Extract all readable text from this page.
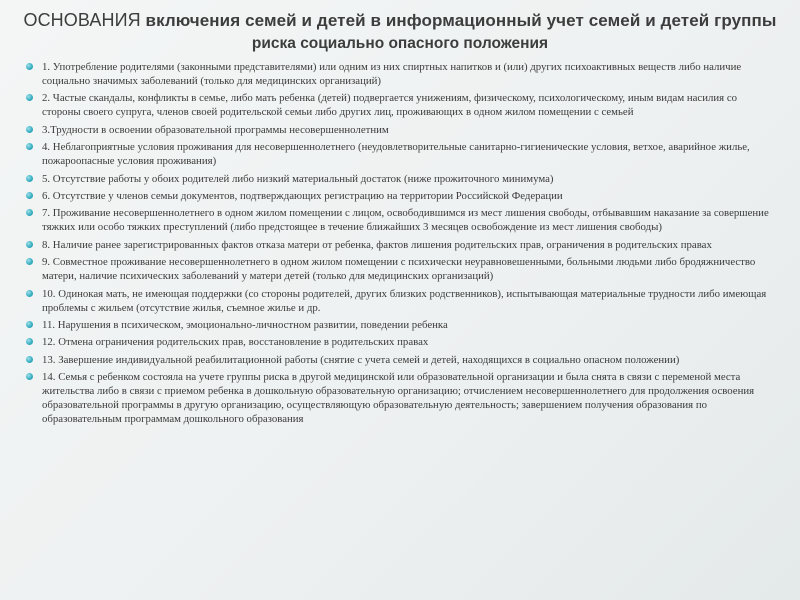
ОСНОВАНИЯ включения семей и детей в информационный учет семей и детей группы
риска социально опасного положения
1. Употребление родителями (законными представителями) или одним из них спиртных напитков и (или) других психоактивных веществ либо наличие социально значимых заболеваний (только для медицинских организаций)
2. Частые скандалы, конфликты в семье, либо мать ребенка (детей) подвергается унижениям, физическому, психологическому, иным видам насилия со стороны своего супруга, членов своей родительской семьи либо других лиц, проживающих в одном жилом помещении с семьей
3.Трудности в освоении образовательной программы несовершеннолетним
4. Неблагоприятные условия проживания для несовершеннолетнего (неудовлетворительные санитарно-гигиенические условия, ветхое, аварийное жилье, пожароопасные условия проживания)
5. Отсутствие работы у обоих родителей либо низкий материальный достаток (ниже прожиточного минимума)
6. Отсутствие у членов семьи документов, подтверждающих регистрацию на территории Российской Федерации
7. Проживание несовершеннолетнего в одном жилом помещении с лицом, освободившимся из мест лишения свободы, отбывавшим наказание за совершение тяжких или особо тяжких преступлений (либо предстоящее в течение ближайших 3 месяцев освобождение из мест лишения свободы)
8. Наличие ранее зарегистрированных фактов отказа матери от ребенка, фактов лишения родительских прав, ограничения в родительских правах
9. Совместное проживание несовершеннолетнего в одном жилом помещении с психически неуравновешенными, больными людьми либо бродяжничество матери, наличие психических заболеваний у матери детей (только для медицинских организаций)
10. Одинокая мать, не имеющая поддержки (со стороны родителей, других близких родственников), испытывающая материальные трудности либо имеющая проблемы с жильем (отсутствие жилья, съемное жилье и др.
11. Нарушения в психическом, эмоционально-личностном развитии, поведении ребенка
12. Отмена ограничения родительских прав, восстановление в родительских правах
13. Завершение индивидуальной реабилитационной работы (снятие с учета семей и детей, находящихся в социально опасном положении)
14. Семья с ребенком состояла на учете группы риска в другой медицинской или образовательной организации и была снята в связи с переменой места жительства либо в связи с приемом ребенка в дошкольную образовательную организацию; отчислением несовершеннолетнего для продолжения освоения образовательной программы в другую организацию, осуществляющую образовательную деятельность; завершением получения образования по образовательным программам дошкольного образования
